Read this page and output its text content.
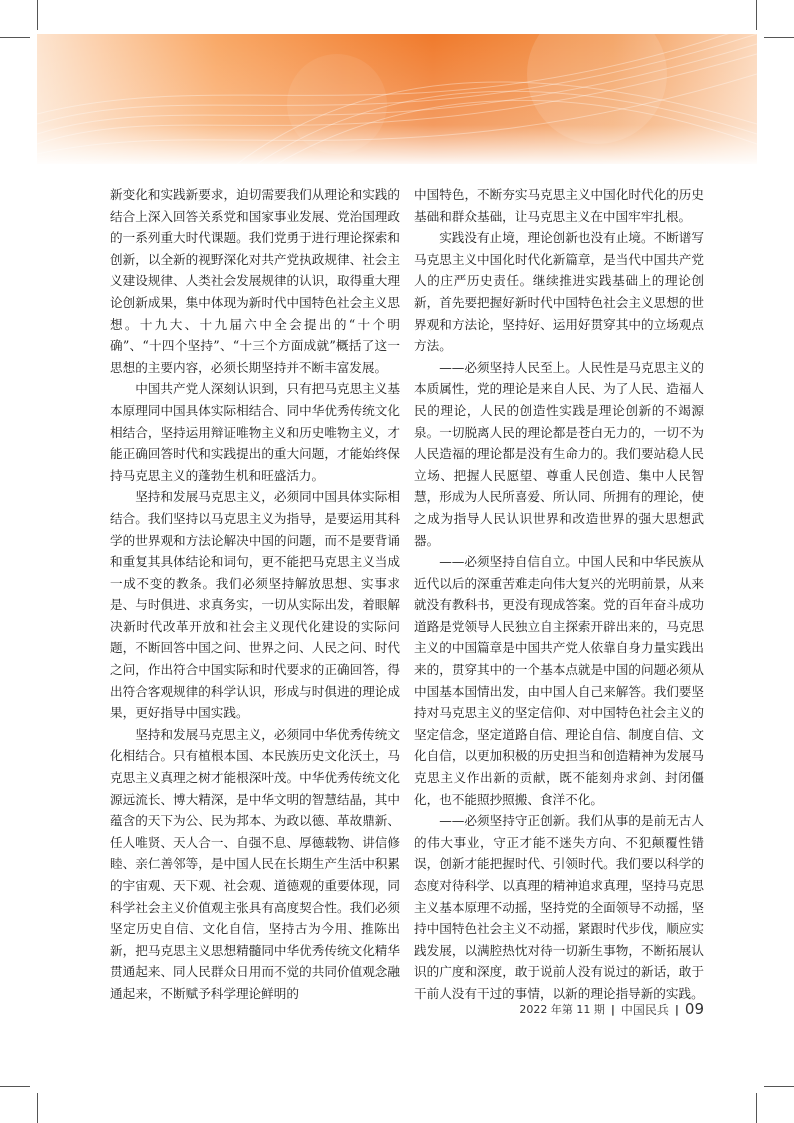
新变化和实践新要求，迫切需要我们从理论和实践的结合上深入回答关系党和国家事业发展、党治国理政的一系列重大时代课题。我们党勇于进行理论探索和创新，以全新的视野深化对共产党执政规律、社会主义建设规律、人类社会发展规律的认识，取得重大理论创新成果，集中体现为新时代中国特色社会主义思想。十九大、十九届六中全会提出的“十个明确”、“十四个坚持”、“十三个方面成就”概括了这一思想的主要内容，必须长期坚持并不断丰富发展。

中国共产党人深刻认识到，只有把马克思主义基本原理同中国具体实际相结合、同中华优秀传统文化相结合，坚持运用辩证唯物主义和历史唯物主义，才能正确回答时代和实践提出的重大问题，才能始终保持马克思主义的蓬勃生机和旺盛活力。

坚持和发展马克思主义，必须同中国具体实际相结合。我们坚持以马克思主义为指导，是要运用其科学的世界观和方法论解决中国的问题，而不是要背诵和重复其具体结论和词句，更不能把马克思主义当成一成不变的教条。我们必须坚持解放思想、实事求是、与时俱进、求真务实，一切从实际出发，着眼解决新时代改革开放和社会主义现代化建设的实际问题，不断回答中国之问、世界之问、人民之问、时代之问，作出符合中国实际和时代要求的正确回答，得出符合客观规律的科学认识，形成与时俱进的理论成果，更好指导中国实践。

坚持和发展马克思主义，必须同中华优秀传统文化相结合。只有植根本国、本民族历史文化沃土，马克思主义真理之树才能根深叶茂。中华优秀传统文化源远流长、博大精深，是中华文明的智慧结晶，其中蕴含的天下为公、民为邦本、为政以德、革故鼎新、任人唯贤、天人合一、自强不息、厚德载物、讲信修睦、亲仁善邻等，是中国人民在长期生产生活中积累的宇宙观、天下观、社会观、道德观的重要体现，同科学社会主义价值观主张具有高度契合性。我们必须坚定历史自信、文化自信，坚持古为今用、推陈出新，把马克思主义思想精髓同中华优秀传统文化精华贯通起来、同人民群众日用而不觉的共同价值观念融通起来，不断赋予科学理论鲜明的

中国特色，不断夯实马克思主义中国化时代化的历史基础和群众基础，让马克思主义在中国牢牢扎根。

实践没有止境，理论创新也没有止境。不断谱写马克思主义中国化时代化新篇章，是当代中国共产党人的庄严历史责任。继续推进实践基础上的理论创新，首先要把握好新时代中国特色社会主义思想的世界观和方法论，坚持好、运用好贯穿其中的立场观点方法。

——必须坚持人民至上。人民性是马克思主义的本质属性，党的理论是来自人民、为了人民、造福人民的理论，人民的创造性实践是理论创新的不竭源泉。一切脱离人民的理论都是苍白无力的，一切不为人民造福的理论都是没有生命力的。我们要站稳人民立场、把握人民愿望、尊重人民创造、集中人民智慧，形成为人民所喜爱、所认同、所拥有的理论，使之成为指导人民认识世界和改造世界的强大思想武器。

——必须坚持自信自立。中国人民和中华民族从近代以后的深重苦难走向伟大复兴的光明前景，从来就没有教科书，更没有现成答案。党的百年奋斗成功道路是党领导人民独立自主探索开辟出来的，马克思主义的中国篇章是中国共产党人依靠自身力量实践出来的，贯穿其中的一个基本点就是中国的问题必须从中国基本国情出发，由中国人自己来解答。我们要坚持对马克思主义的坚定信仰、对中国特色社会主义的坚定信念，坚定道路自信、理论自信、制度自信、文化自信，以更加积极的历史担当和创造精神为发展马克思主义作出新的贡献，既不能刻舟求剑、封闭僵化，也不能照抄照搬、食洋不化。

——必须坚持守正创新。我们从事的是前无古人的伟大事业，守正才能不迷失方向、不犯颠覆性错误，创新才能把握时代、引领时代。我们要以科学的态度对待科学、以真理的精神追求真理，坚持马克思主义基本原理不动摇，坚持党的全面领导不动摇，坚持中国特色社会主义不动摇，紧跟时代步伐，顺应实践发展，以满腔热忱对待一切新生事物，不断拓展认识的广度和深度，敢于说前人没有说过的新话，敢于干前人没有干过的事情，以新的理论指导新的实践。

2022 年第 11 期 | 中国民兵 | 09
